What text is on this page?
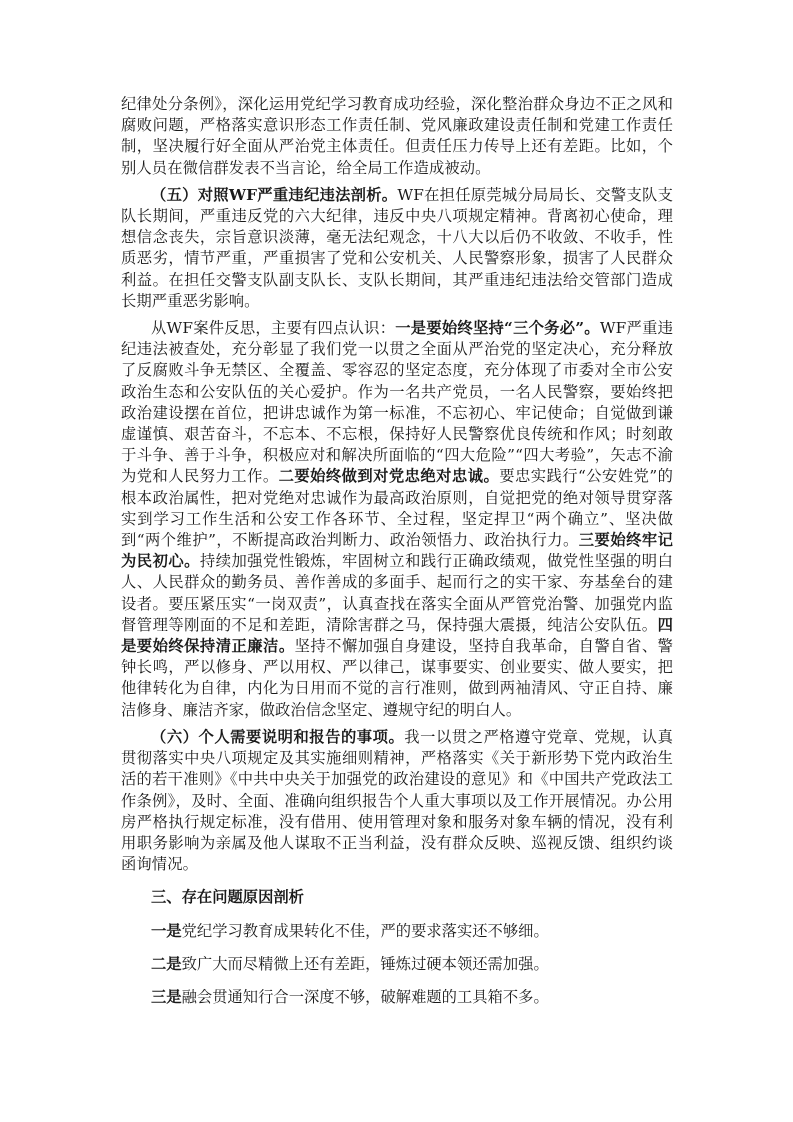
纪律处分条例》，深化运用党纪学习教育成功经验，深化整治群众身边不正之风和腐败问题，严格落实意识形态工作责任制、党风廉政建设责任制和党建工作责任制，坚决履行好全面从严治党主体责任。但责任压力传导上还有差距。比如，个别人员在微信群发表不当言论，给全局工作造成被动。

（五）对照WF严重违纪违法剖析。WF在担任原莞城分局局长、交警支队支队长期间，严重违反党的六大纪律，违反中央八项规定精神。背离初心使命，理想信念丧失，宗旨意识淡薄，毫无法纪观念，十八大以后仍不收敛、不收手，性质恶劣，情节严重，严重损害了党和公安机关、人民警察形象，损害了人民群众利益。在担任交警支队副支队长、支队长期间，其严重违纪违法给交管部门造成长期严重恶劣影响。

从WF案件反思，主要有四点认识：一是要始终坚持“三个务必”。WF严重违纪违法被查处，充分彰显了我们党一以贯之全面从严治党的坚定决心，充分释放了反腐败斗争无禁区、全覆盖、零容忍的坚定态度，充分体现了市委对全市公安政治生态和公安队伍的关心爱护。作为一名共产党员，一名人民警察，要始终把政治建设摆在首位，把讲忠诚作为第一标准，不忘初心、牢记使命；自觉做到谦虚谨慎、艰苦奋斗，不忘本、不忘根，保持好人民警察优良传统和作风；时刻敢于斗争、善于斗争，积极应对和解决所面临的“四大危险”“四大考验”，矢志不渝为党和人民努力工作。二要始终做到对党忠绝对忠诚。要忠实践行“公安姓党”的根本政治属性，把对党绝对忠诚作为最高政治原则，自觉把党的绝对领导贯穿落实到学习工作生活和公安工作各环节、全过程，坚定捍卫“两个确立”、坚决做到“两个维护”，不断提高政治判断力、政治领悟力、政治执行力。三要始终牢记为民初心。持续加强党性锻炼，牢固树立和践行正确政绩观，做党性坚强的明白人、人民群众的勤务员、善作善成的多面手、起而行之的实干家、夯基垒台的建设者。要压紧压实“一岗双责”，认真查找在落实全面从严管党治警、加强党内监督管理等刚面的不足和差距，清除害群之马，保持强大震摄，纯洁公安队伍。四是要始终保持清正廉洁。坚持不懈加强自身建设，坚持自我革命，自警自省、警钟长鸣，严以修身、严以用权、严以律己，谋事要实、创业要实、做人要实，把他律转化为自律，内化为日用而不觉的言行准则，做到两袖清风、守正自持、廉洁修身、廉洁齐家，做政治信念坚定、遵规守纪的明白人。

（六）个人需要说明和报告的事项。我一以贯之严格遵守党章、党规，认真贯彻落实中央八项规定及其实施细则精神，严格落实《关于新形势下党内政治生活的若干准则》《中共中央关于加强党的政治建设的意见》和《中国共产党政法工作条例》，及时、全面、准确向组织报告个人重大事项以及工作开展情况。办公用房严格执行规定标准，没有借用、使用管理对象和服务对象车辆的情况，没有利用职务影响为亲属及他人谋取不正当利益，没有群众反映、巡视反馈、组织约谈函询情况。

三、存在问题原因剖析

一是党纪学习教育成果转化不佳，严的要求落实还不够细。

二是致广大而尽精微上还有差距，锤炼过硬本领还需加强。

三是融会贯通知行合一深度不够，破解难题的工具箱不多。
